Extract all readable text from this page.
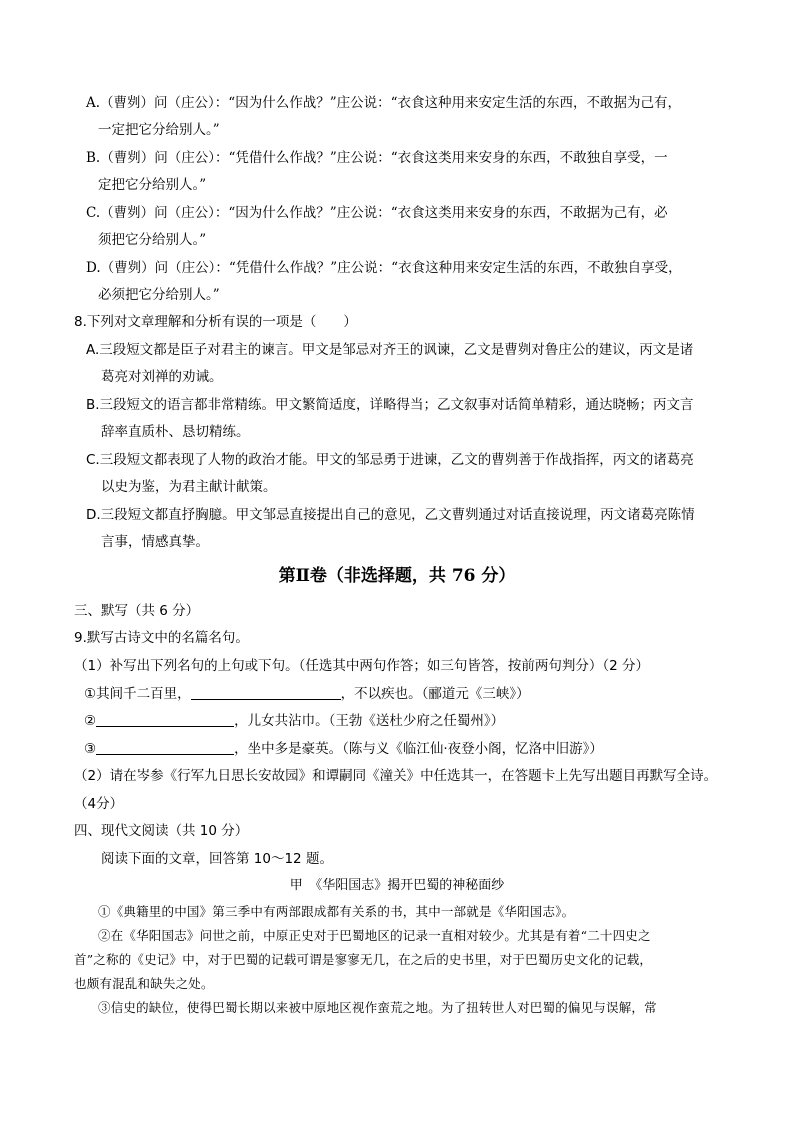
A.（曹刿）问（庄公）：“因为什么作战？”庄公说：“衣食这种用来安定生活的东西，不敢据为己有，
一定把它分给别人。”
B.（曹刿）问（庄公）：“凭借什么作战？”庄公说：“衣食这类用来安身的东西，不敢独自享受，一
定把它分给别人。”
C.（曹刿）问（庄公）：“因为什么作战？”庄公说：“衣食这类用来安身的东西，不敢据为己有，必
须把它分给别人。”
D.（曹刿）问（庄公）：“凭借什么作战？”庄公说：“衣食这种用来安定生活的东西，不敢独自享受，
必须把它分给别人。”
8.下列对文章理解和分析有误的一项是（　　）
A.三段短文都是臣子对君主的谏言。甲文是邹忌对齐王的讽谏，乙文是曹刿对鲁庄公的建议，丙文是诸
葛亮对刘禅的劝诫。
B.三段短文的语言都非常精练。甲文繁简适度，详略得当；乙文叙事对话简单精彩，通达晓畅；丙文言
辞率直质朴、恳切精练。
C.三段短文都表现了人物的政治才能。甲文的邹忌勇于进谏，乙文的曹刿善于作战指挥，丙文的诸葛亮
以史为鉴，为君主献计献策。
D.三段短文都直抒胸臆。甲文邹忌直接提出自己的意见，乙文曹刿通过对话直接说理，丙文诸葛亮陈情
言事，情感真挚。
第Ⅱ卷（非选择题，共 76 分）
三、默写（共 6 分）
9.默写古诗文中的名篇名句。
（1）补写出下列名句的上句或下句。（任选其中两句作答；如三句皆答，按前两句判分）（2 分）
①其间千二百里，	，不以疾也。（郦道元《三峡》）
②	，儿女共沾巾。（王勃《送杜少府之任蜀州》）
③	，坐中多是豪英。（陈与义《临江仙·夜登小阁，忆洛中旧游》）
（2）请在岑参《行军九日思长安故园》和谭嗣同《潼关》中任选其一，在答题卡上先写出题目再默写全诗。
（4分）
四、现代文阅读（共 10 分）
阅读下面的文章，回答第 10～12 题。
甲　《华阳国志》揭开巴蜀的神秘面纱
①《典籍里的中国》第三季中有两部跟成都有关系的书，其中一部就是《华阳国志》。
②在《华阳国志》问世之前，中原正史对于巴蜀地区的记录一直相对较少。尤其是有着“二十四史之
首”之称的《史记》中，对于巴蜀的记载可谓是寥寥无几，在之后的史书里，对于巴蜀历史文化的记载，
也颇有混乱和缺失之处。
③信史的缺位，使得巴蜀长期以来被中原地区视作蛮荒之地。为了扭转世人对巴蜀的偏见与误解，常
